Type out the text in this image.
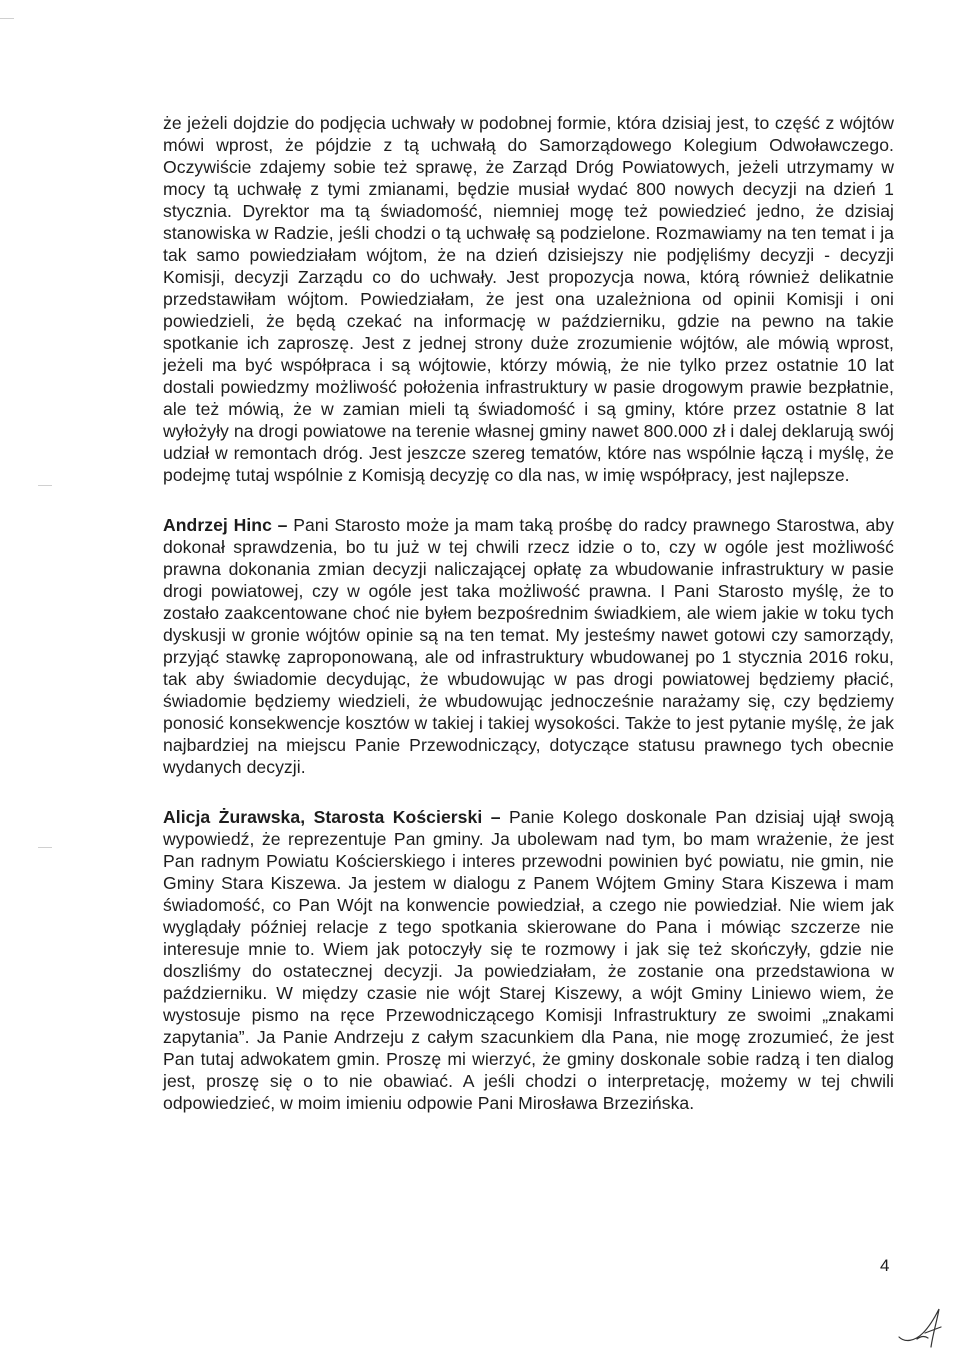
że jeżeli dojdzie do podjęcia uchwały w podobnej formie, która dzisiaj jest, to część z wójtów mówi wprost, że pójdzie z tą uchwałą do Samorządowego Kolegium Odwoławczego. Oczywiście zdajemy sobie też sprawę, że Zarząd Dróg Powiatowych, jeżeli utrzymamy w mocy tą uchwałę z tymi zmianami, będzie musiał wydać 800 nowych decyzji na dzień 1 stycznia. Dyrektor ma tą świadomość, niemniej mogę też powiedzieć jedno, że dzisiaj stanowiska w Radzie, jeśli chodzi o tą uchwałę są podzielone. Rozmawiamy na ten temat i ja tak samo powiedziałam wójtom, że na dzień dzisiejszy nie podjęliśmy decyzji - decyzji Komisji, decyzji Zarządu co do uchwały. Jest propozycja nowa, którą również delikatnie przedstawiłam wójtom. Powiedziałam, że jest ona uzależniona od opinii Komisji i oni powiedzieli, że będą czekać na informację w październiku, gdzie na pewno na takie spotkanie ich zaproszę. Jest z jednej strony duże zrozumienie wójtów, ale mówią wprost, jeżeli ma być współpraca i są wójtowie, którzy mówią, że nie tylko przez ostatnie 10 lat dostali powiedzmy możliwość położenia infrastruktury w pasie drogowym prawie bezpłatnie, ale też mówią, że w zamian mieli tą świadomość i są gminy, które przez ostatnie 8 lat wyłożyły na drogi powiatowe na terenie własnej gminy nawet 800.000 zł i dalej deklarują swój udział w remontach dróg. Jest jeszcze szereg tematów, które nas wspólnie łączą i myślę, że podejmę tutaj wspólnie z Komisją decyzję co dla nas, w imię współpracy, jest najlepsze.

Andrzej Hinc – Pani Starosto może ja mam taką prośbę do radcy prawnego Starostwa, aby dokonał sprawdzenia, bo tu już w tej chwili rzecz idzie o to, czy w ogóle jest możliwość prawna dokonania zmian decyzji naliczającej opłatę za wbudowanie infrastruktury w pasie drogi powiatowej, czy w ogóle jest taka możliwość prawna. I Pani Starosto myślę, że to zostało zaakcentowane choć nie byłem bezpośrednim świadkiem, ale wiem jakie w toku tych dyskusji w gronie wójtów opinie są na ten temat. My jesteśmy nawet gotowi czy samorządy, przyjąć stawkę zaproponowaną, ale od infrastruktury wbudowanej po 1 stycznia 2016 roku, tak aby świadomie decydując, że wbudowując w pas drogi powiatowej będziemy płacić, świadomie będziemy wiedzieli, że wbudowując jednocześnie narażamy się, czy będziemy ponosić konsekwencje kosztów w takiej i takiej wysokości. Także to jest pytanie myślę, że jak najbardziej na miejscu Panie Przewodniczący, dotyczące statusu prawnego tych obecnie wydanych decyzji.

Alicja Żurawska, Starosta Kościerski – Panie Kolego doskonale Pan dzisiaj ujął swoją wypowiedź, że reprezentuje Pan gminy. Ja ubolewam nad tym, bo mam wrażenie, że jest Pan radnym Powiatu Kościerskiego i interes przewodni powinien być powiatu, nie gmin, nie Gminy Stara Kiszewa. Ja jestem w dialogu z Panem Wójtem Gminy Stara Kiszewa i mam świadomość, co Pan Wójt na konwencie powiedział, a czego nie powiedział. Nie wiem jak wyglądały później relacje z tego spotkania skierowane do Pana i mówiąc szczerze nie interesuje mnie to. Wiem jak potoczyły się te rozmowy i jak się też skończyły, gdzie nie doszliśmy do ostatecznej decyzji. Ja powiedziałam, że zostanie ona przedstawiona w październiku. W między czasie nie wójt Starej Kiszewy, a wójt Gminy Liniewo wiem, że wystosuje pismo na ręce Przewodniczącego Komisji Infrastruktury ze swoimi „znakami zapytania”. Ja Panie Andrzeju z całym szacunkiem dla Pana, nie mogę zrozumieć, że jest Pan tutaj adwokatem gmin. Proszę mi wierzyć, że gminy doskonale sobie radzą i ten dialog jest, proszę się o to nie obawiać. A jeśli chodzi o interpretację, możemy w tej chwili odpowiedzieć, w moim imieniu odpowie Pani Mirosława Brzezińska.

4
